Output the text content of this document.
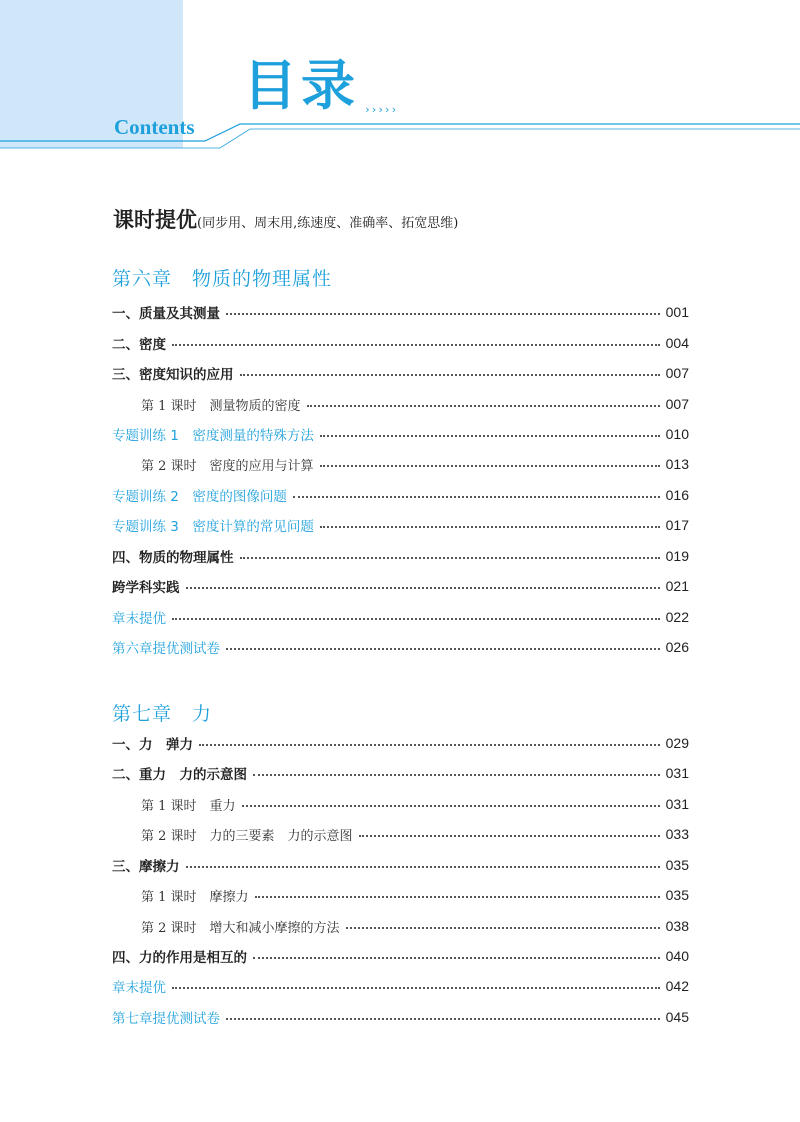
目录 ›››››
Contents
课时提优(同步用、周末用,练速度、准确率、拓宽思维)
第六章　物质的物理属性
一、质量及其测量	001
二、密度	004
三、密度知识的应用	007
第 1 课时　测量物质的密度	007
专题训练 1　密度测量的特殊方法	010
第 2 课时　密度的应用与计算	013
专题训练 2　密度的图像问题	016
专题训练 3　密度计算的常见问题	017
四、物质的物理属性	019
跨学科实践	021
章末提优	022
第六章提优测试卷	026
第七章　力
一、力　弹力	029
二、重力　力的示意图	031
第 1 课时　重力	031
第 2 课时　力的三要素　力的示意图	033
三、摩擦力	035
第 1 课时　摩擦力	035
第 2 课时　增大和减小摩擦的方法	038
四、力的作用是相互的	040
章末提优	042
第七章提优测试卷	045
